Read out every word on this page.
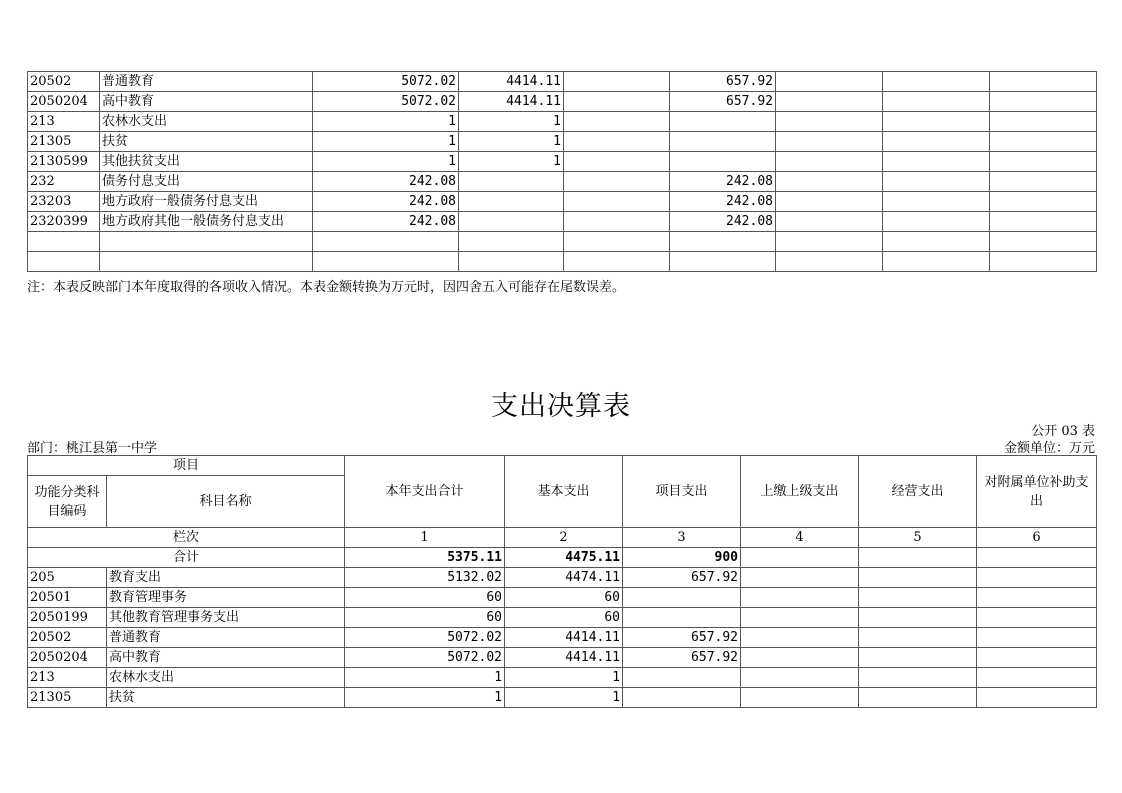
20502	普通教育	5072.02	4414.11		657.92			
2050204	高中教育	5072.02	4414.11		657.92			
213	农林水支出	1	1					
21305	扶贫	1	1					
2130599	其他扶贫支出	1	1					
232	债务付息支出	242.08			242.08			
23203	地方政府一般债务付息支出	242.08			242.08			
2320399	地方政府其他一般债务付息支出	242.08			242.08			

注：本表反映部门本年度取得的各项收入情况。本表金额转换为万元时，因四舍五入可能存在尾数误差。
支出决算表
公开 03 表
部门：桃江县第一中学	金额单位：万元
项目		本年支出合计	基本支出	项目支出	上缴上级支出	经营支出	对附属单位补助支出
功能分类科目编码	科目名称						
栏次		1	2	3	4	5	6
合计		5375.11	4475.11	900			
205	教育支出	5132.02	4474.11	657.92			
20501	教育管理事务	60	60				
2050199	其他教育管理事务支出	60	60				
20502	普通教育	5072.02	4414.11	657.92			
2050204	高中教育	5072.02	4414.11	657.92			
213	农林水支出	1	1				
21305	扶贫	1	1				
